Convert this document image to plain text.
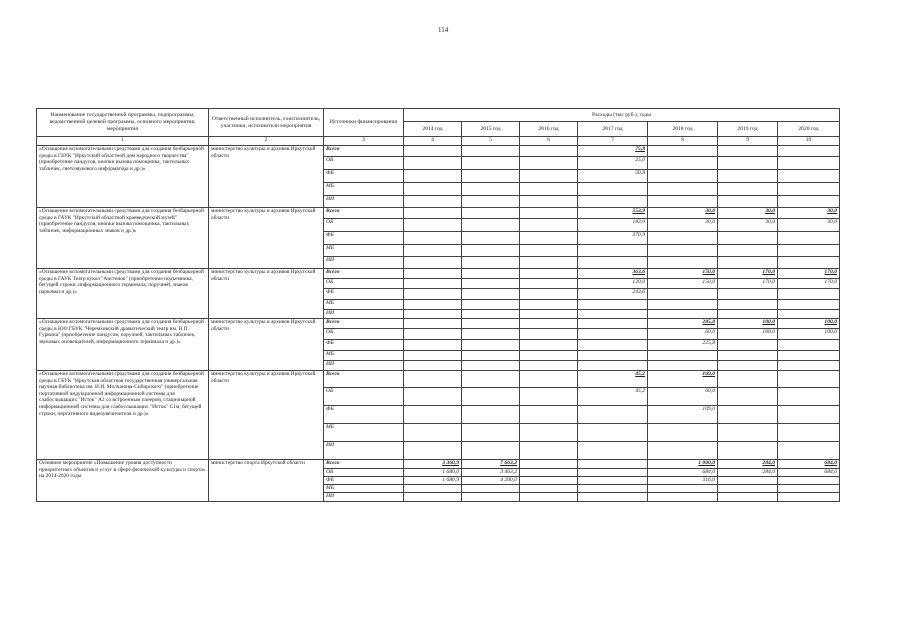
114
Наименование государственной программы, подпрограммы, ведомственной целевой программы, основного мероприятия, мероприятия	Ответственный исполнитель, соисполнитель, участники, исполнители мероприятия	Источники финансирования	Расходы (тыс руб.), годы						
			2014 год	2015 год	2016 год	2017 год	2018 год	2019 год	2020 год
1	2	3	4	5	6	7	8	9	10
«Оснащение вспомогательными средствами для создания безбарьерной среды в ГБУК "Иркутский областной дом народного творчества" (приобретение пандусов, кнопки вызова помощника, тактильных табличек, светозвукового информатора и др.)»	министерство культуры и архивов Иркутской области	Всего				75,8			
		ОБ				25,0			
		ФБ				50,8			
		МБ							
		ИИ							
«Оснащение вспомогательными средствами для создания безбарьерной среды в ГАУК "Иркутский областной краеведческий музей" (приобретение пандусов, кнопки вызова помощника, тактильных табличек, информационных знаков и др.)»	министерство культуры и архивов Иркутской области	Всего				553,9	30,0	30,0	30,0
		ОБ				183,0	30,0	30,0	30,0
		ФБ				370,9			
		МБ							
		ИИ							
«Оснащение вспомогательными средствами для создания безбарьерной среды в ГАУК Театр кукол "Аистенок" (приобретение подъемника, бегущей строки, информационного терминала, поручней, знаков парковки и др.)»	министерство культуры и архивов Иркутской области	Всего				363,6	150,0	170,0	170,0
		ОБ				120,0	150,0	170,0	170,0
		ФБ				243,6			
		МБ							
		ИИ							
«Оснащение вспомогательными средствами для создания безбарьерной среды в ЮО ГБУК "Черемховский драматический театр им. В.П. Гуркина" (приобретение пандусов, поручней, тактильных табличек, звуковых оповещателей, информационного терминала и др.)»	министерство культуры и архивов Иркутской области	Всего					285,8	100,0	100,0
		ОБ					60,0	100,0	100,0
		ФБ					225,8		
		МБ							
		ИИ							
«Оснащение вспомогательными средствами для создания безбарьерной среды в ГБУК "Иркутская областная государственная универсальная научная библиотека им. И.И. Молчанова-Сибирского" (приобретение портативной индукционной информационной системы для слабослышащих "Исток" А2 со встроенным плеером, стационарной информационной системы для слабослышащих "Исток" С1м, бегущей строки, портативного видеоувеличителя и др.)»	министерство культуры и архивов Иркутской области	Всего				45,2	169,0		
		ОБ				45,2	60,0		
		ФБ					109,0		
		МБ							
		ИИ							
Основное мероприятие «Повышение уровня доступности приоритетных объектов и услуг в сфере физической культуры и спорта» на 2014-2020 годы	министерство спорта Иркутской области	Всего	3 360,9	7 663,2			1 000,0	284,0	684,0
		ОБ	1 680,0	3 463,2			684,0	284,0	684,0
		ФБ	1 680,9	4 200,0			316,0		
		МБ							
		ИИ							
